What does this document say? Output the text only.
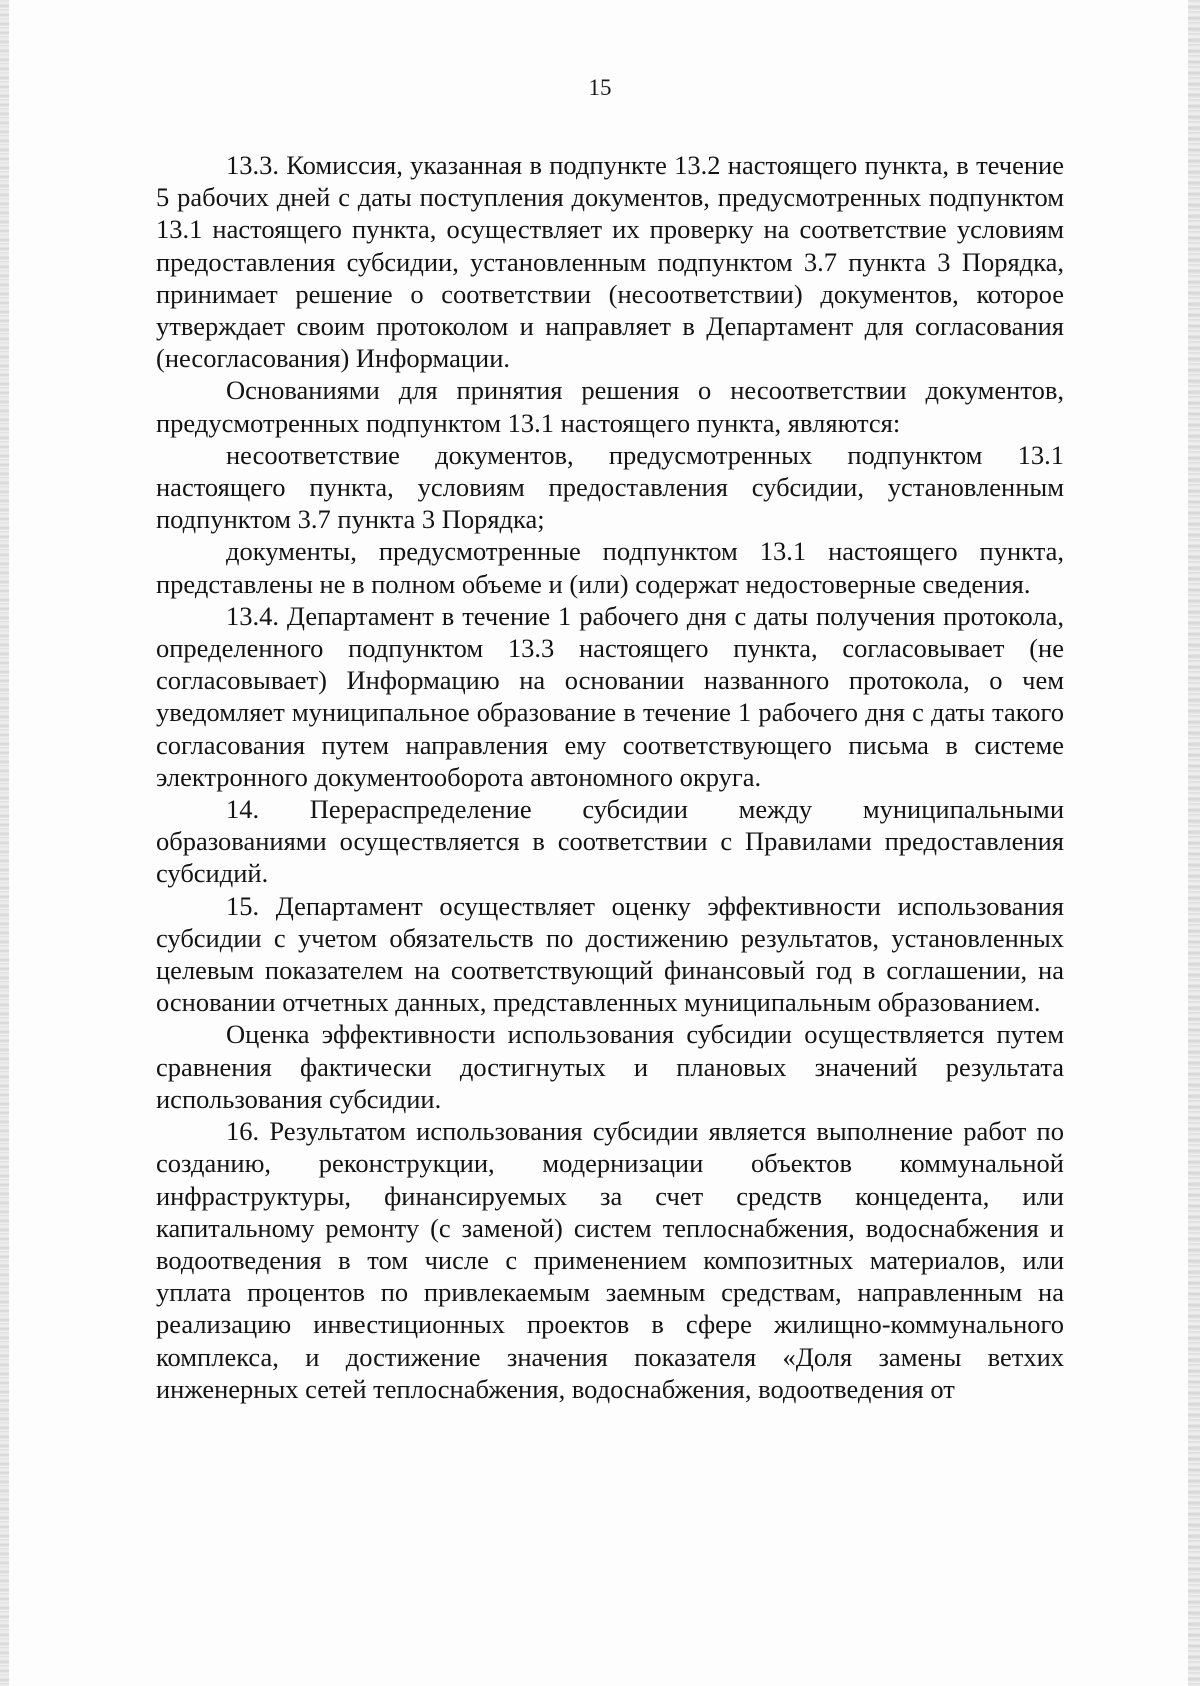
15

13.3. Комиссия, указанная в подпункте 13.2 настоящего пункта, в течение 5 рабочих дней с даты поступления документов, предусмотренных подпунктом 13.1 настоящего пункта, осуществляет их проверку на соответствие условиям предоставления субсидии, установленным подпунктом 3.7 пункта 3 Порядка, принимает решение о соответствии (несоответствии) документов, которое утверждает своим протоколом и направляет в Департамент для согласования (несогласования) Информации.

Основаниями для принятия решения о несоответствии документов, предусмотренных подпунктом 13.1 настоящего пункта, являются:

несоответствие документов, предусмотренных подпунктом 13.1 настоящего пункта, условиям предоставления субсидии, установленным подпунктом 3.7 пункта 3 Порядка;

документы, предусмотренные подпунктом 13.1 настоящего пункта, представлены не в полном объеме и (или) содержат недостоверные сведения.

13.4. Департамент в течение 1 рабочего дня с даты получения протокола, определенного подпунктом 13.3 настоящего пункта, согласовывает (не согласовывает) Информацию на основании названного протокола, о чем уведомляет муниципальное образование в течение 1 рабочего дня с даты такого согласования путем направления ему соответствующего письма в системе электронного документооборота автономного округа.

14. Перераспределение субсидии между муниципальными образованиями осуществляется в соответствии с Правилами предоставления субсидий.

15. Департамент осуществляет оценку эффективности использования субсидии с учетом обязательств по достижению результатов, установленных целевым показателем на соответствующий финансовый год в соглашении, на основании отчетных данных, представленных муниципальным образованием.

Оценка эффективности использования субсидии осуществляется путем сравнения фактически достигнутых и плановых значений результата использования субсидии.

16. Результатом использования субсидии является выполнение работ по созданию, реконструкции, модернизации объектов коммунальной инфраструктуры, финансируемых за счет средств концедента, или капитальному ремонту (с заменой) систем теплоснабжения, водоснабжения и водоотведения в том числе с применением композитных материалов, или уплата процентов по привлекаемым заемным средствам, направленным на реализацию инвестиционных проектов в сфере жилищно-коммунального комплекса, и достижение значения показателя «Доля замены ветхих инженерных сетей теплоснабжения, водоснабжения, водоотведения от
